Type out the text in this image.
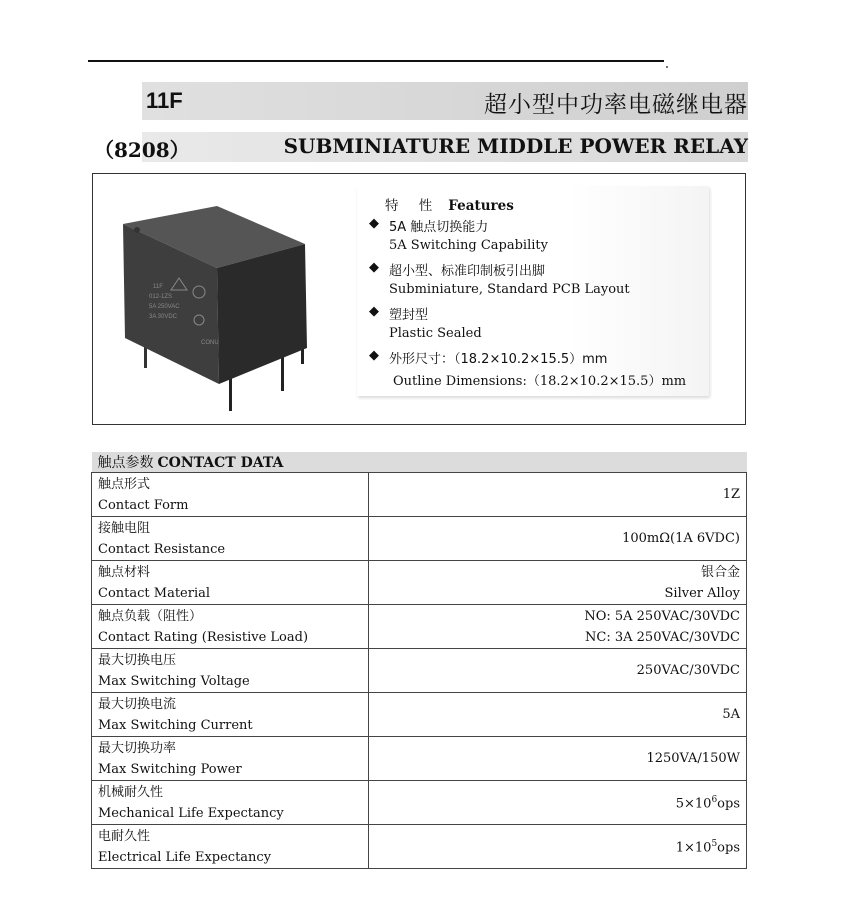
11F	超小型中功率电磁继电器
（8208）	SUBMINIATURE MIDDLE POWER RELAY
11F
012-1ZS
5A 250VAC
3A 30VDC
CONU
特 性 Features
◆ 5A 触点切换能力
5A Switching Capability
◆ 超小型、标准印制板引出脚
Subminiature, Standard PCB Layout
◆ 塑封型
Plastic Sealed
◆ 外形尺寸：（18.2×10.2×15.5）mm
Outline Dimensions:（18.2×10.2×15.5）mm
触点参数 CONTACT DATA	

触点形式
Contact Form	1Z

接触电阻
Contact Resistance	100mΩ(1A 6VDC)

触点材料
Contact Material	银合金
Silver Alloy

触点负载（阻性）
Contact Rating (Resistive Load)	NO: 5A 250VAC/30VDC
NC: 3A 250VAC/30VDC

最大切换电压
Max Switching Voltage	250VAC/30VDC

最大切换电流
Max Switching Current	5A

最大切换功率
Max Switching Power	1250VA/150W

机械耐久性
Mechanical Life Expectancy	$5\times 10^6ops$

电耐久性
Electrical Life Expectancy	$1\times 10^5ops$
